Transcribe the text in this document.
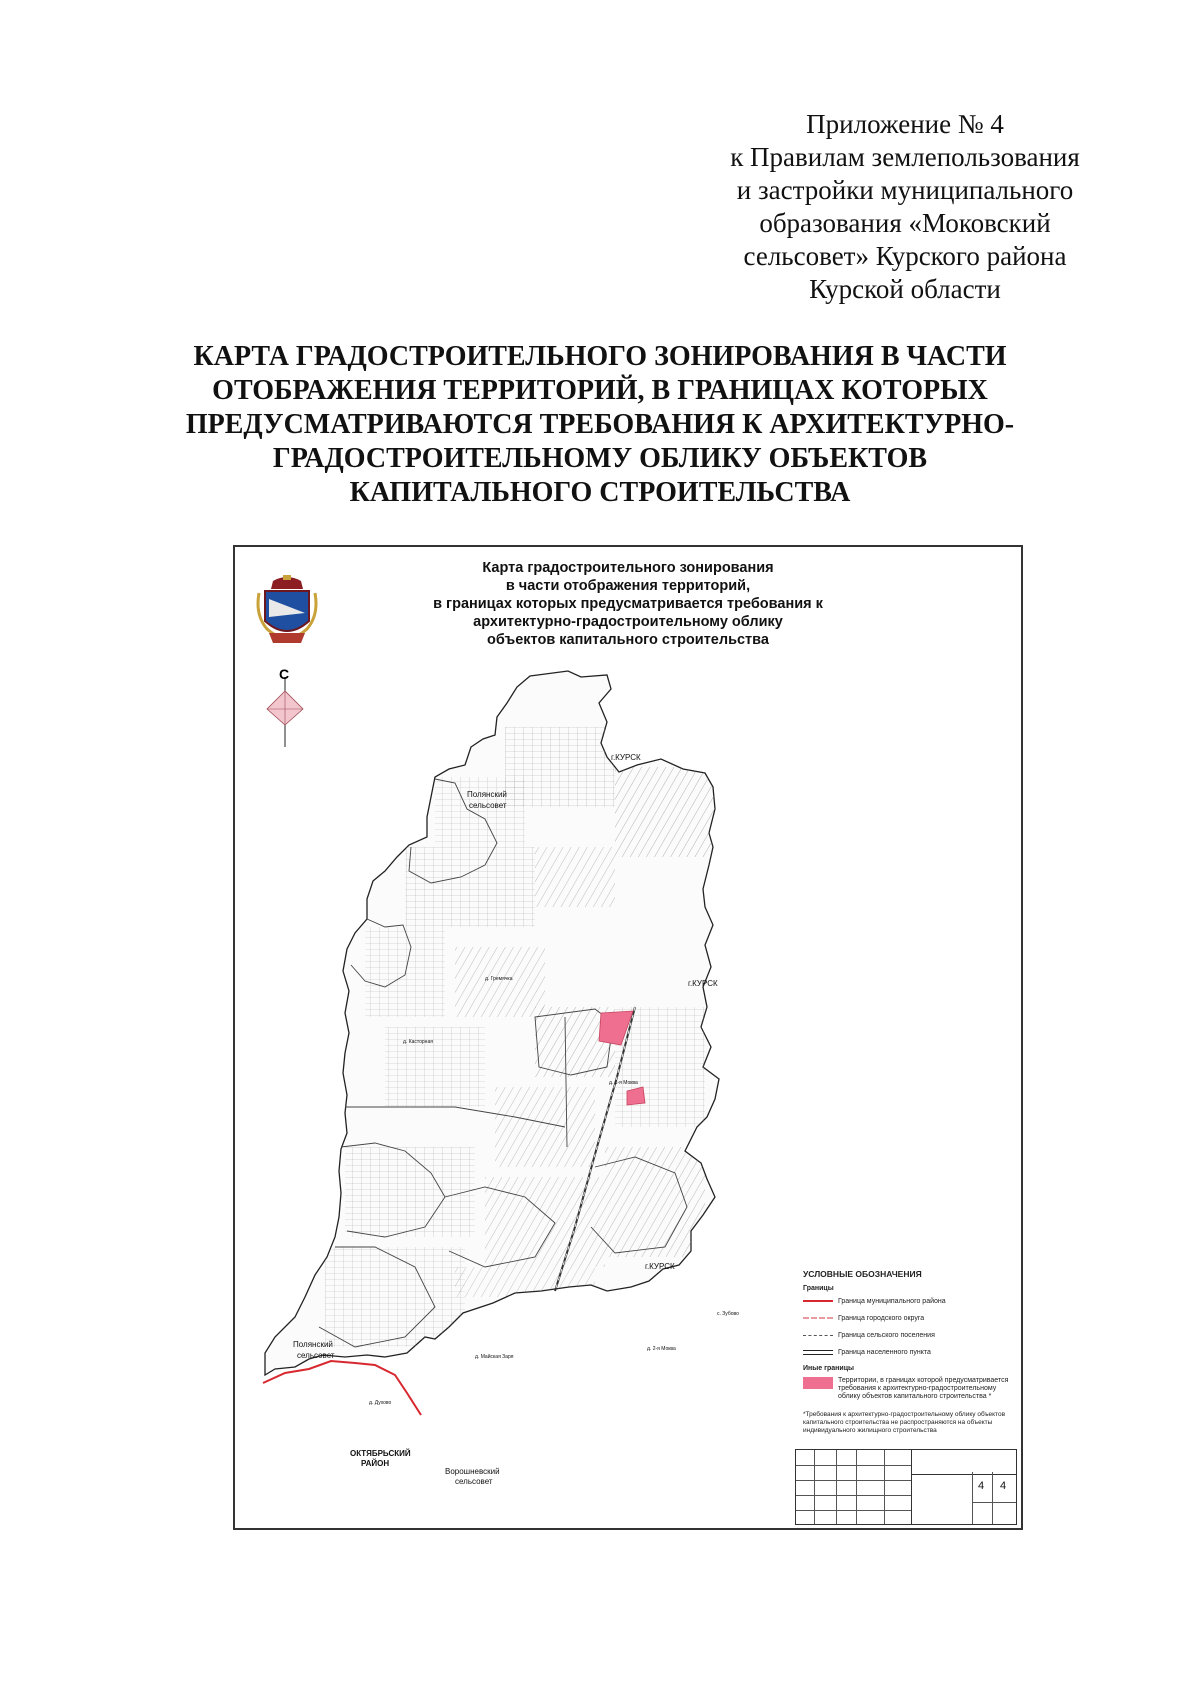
Приложение № 4
к Правилам землепользования
и застройки муниципального
образования «Моковский
сельсовет» Курского района
Курской области
КАРТА ГРАДОСТРОИТЕЛЬНОГО ЗОНИРОВАНИЯ В ЧАСТИ
ОТОБРАЖЕНИЯ ТЕРРИТОРИЙ, В ГРАНИЦАХ КОТОРЫХ
ПРЕДУСМАТРИВАЮТСЯ ТРЕБОВАНИЯ К АРХИТЕКТУРНО-
ГРАДОСТРОИТЕЛЬНОМУ ОБЛИКУ ОБЪЕКТОВ
КАПИТАЛЬНОГО СТРОИТЕЛЬСТВА
С
г.КУРСК
Полянский
сельсовет
г.КУРСК
д. Гремячка
д. Касторная
д. 1-я Моква
г.КУРСК
с. Зубово
д. 2-я Моква
д. Майская Заря
Полянский
сельсовет
д. Духово
ОКТЯБРЬСКИЙ
РАЙОН
Ворошневский
сельсовет
Карта градостроительного зонирования
в части отображения территорий,
в границах которых предусматривается требования к
архитектурно-градостроительному облику
объектов капитального строительства
УСЛОВНЫЕ ОБОЗНАЧЕНИЯ
Границы
Граница муниципального района
Граница городского округа
Граница сельского поселения
Граница населенного пункта
Иные границы
Территории, в границах которой предусматривается требования к архитектурно-градостроительному облику объектов капитального строительства *
*Требования к архитектурно-градостроительному облику объектов капитального строительства не распространяются на объекты индивидуального жилищного строительства
4 4
